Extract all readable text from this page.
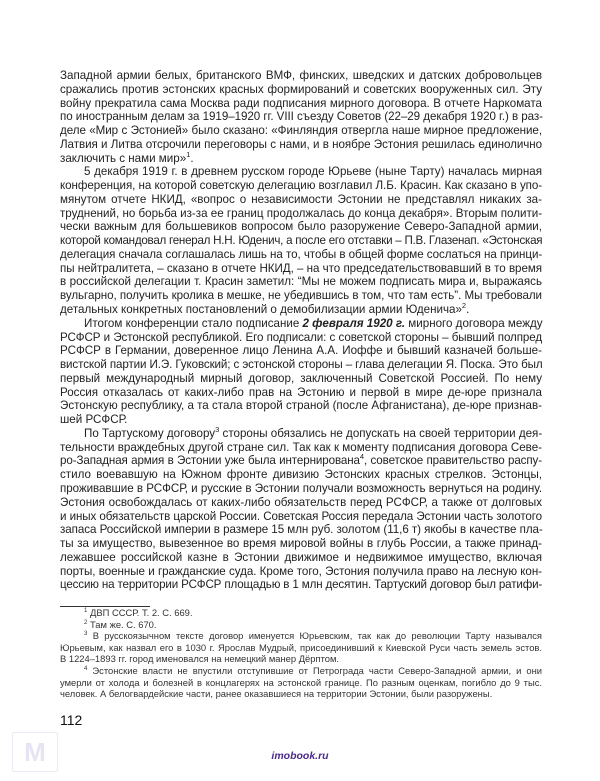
Западной армии белых, британского ВМФ, финских, шведских и датских добровольцев
сражались против эстонских красных формирований и советских вооруженных сил. Эту
войну прекратила сама Москва ради подписания мирного договора. В отчете Наркомата
по иностранным делам за 1919–1920 гг. VIII съезду Советов (22–29 декабря 1920 г.) в раз-
деле «Мир с Эстонией» было сказано: «Финляндия отвергла наше мирное предложение,
Латвия и Литва отсрочили переговоры с нами, и в ноябре Эстония решилась единолично
заключить с нами мир»$^1$.
5 декабря 1919 г. в древнем русском городе Юрьеве (ныне Тарту) началась мирная
конференция, на которой советскую делегацию возглавил Л.Б. Красин. Как сказано в упо-
мянутом отчете НКИД, «вопрос о независимости Эстонии не представлял никаких за-
труднений, но борьба из-за ее границ продолжалась до конца декабря». Вторым полити-
чески важным для большевиков вопросом было разоружение Северо-Западной армии,
которой командовал генерал Н.Н. Юденич, а после его отставки – П.В. Глазенап. «Эстонская
делегация сначала соглашалась лишь на то, чтобы в общей форме сослаться на принци-
пы нейтралитета, – сказано в отчете НКИД, – на что председательствовавший в то время
в российской делегации т. Красин заметил: “Мы не можем подписать мира и, выражаясь
вульгарно, получить кролика в мешке, не убедившись в том, что там есть”. Мы требовали
детальных конкретных постановлений о демобилизации армии Юденича»$^2$.
Итогом конференции стало подписание 2 февраля 1920 г. мирного договора между
РСФСР и Эстонской республикой. Его подписали: с советской стороны – бывший полпред
РСФСР в Германии, доверенное лицо Ленина А.А. Иоффе и бывший казначей больше-
вистской партии И.Э. Гуковский; с эстонской стороны – глава делегации Я. Поска. Это был
первый международный мирный договор, заключенный Советской Россией. По нему
Россия отказалась от каких-либо прав на Эстонию и первой в мире де-юре признала
Эстонскую республику, а та стала второй страной (после Афганистана), де-юре признав-
шей РСФСР.
По Тартускому договору$^3$ стороны обязались не допускать на своей территории дея-
тельности враждебных другой стране сил. Так как к моменту подписания договора Севе-
ро-Западная армия в Эстонии уже была интернирована$^4$, советское правительство распу-
стило воевавшую на Южном фронте дивизию Эстонских красных стрелков. Эстонцы,
проживавшие в РСФСР, и русские в Эстонии получали возможность вернуться на родину.
Эстония освобождалась от каких-либо обязательств перед РСФСР, а также от долговых
и иных обязательств царской России. Советская Россия передала Эстонии часть золотого
запаса Российской империи в размере 15 млн руб. золотом (11,6 т) якобы в качестве пла-
ты за имущество, вывезенное во время мировой войны в глубь России, а также принад-
лежавшее российской казне в Эстонии движимое и недвижимое имущество, включая
порты, военные и гражданские суда. Кроме того, Эстония получила право на лесную кон-
цессию на территории РСФСР площадью в 1 млн десятин. Тартуский договор был ратифи-
$^1$ ДВП СССР. Т. 2. С. 669.
$^2$ Там же. С. 670.
$^3$ В русскоязычном тексте договор именуется Юрьевским, так как до революции Тарту назывался
Юрьевым, как назвал его в 1030 г. Ярослав Мудрый, присоединивший к Киевской Руси часть земель эстов.
В 1224–1893 гг. город именовался на немецкий манер Дёрптом.
$^4$ Эстонские власти не впустили отступившие от Петрограда части Северо-Западной армии, и они
умерли от холода и болезней в концлагерях на эстонской границе. По разным оценкам, погибло до 9 тыс.
человек. А белогвардейские части, ранее оказавшиеся на территории Эстонии, были разоружены.
112
M	imobook.ru
